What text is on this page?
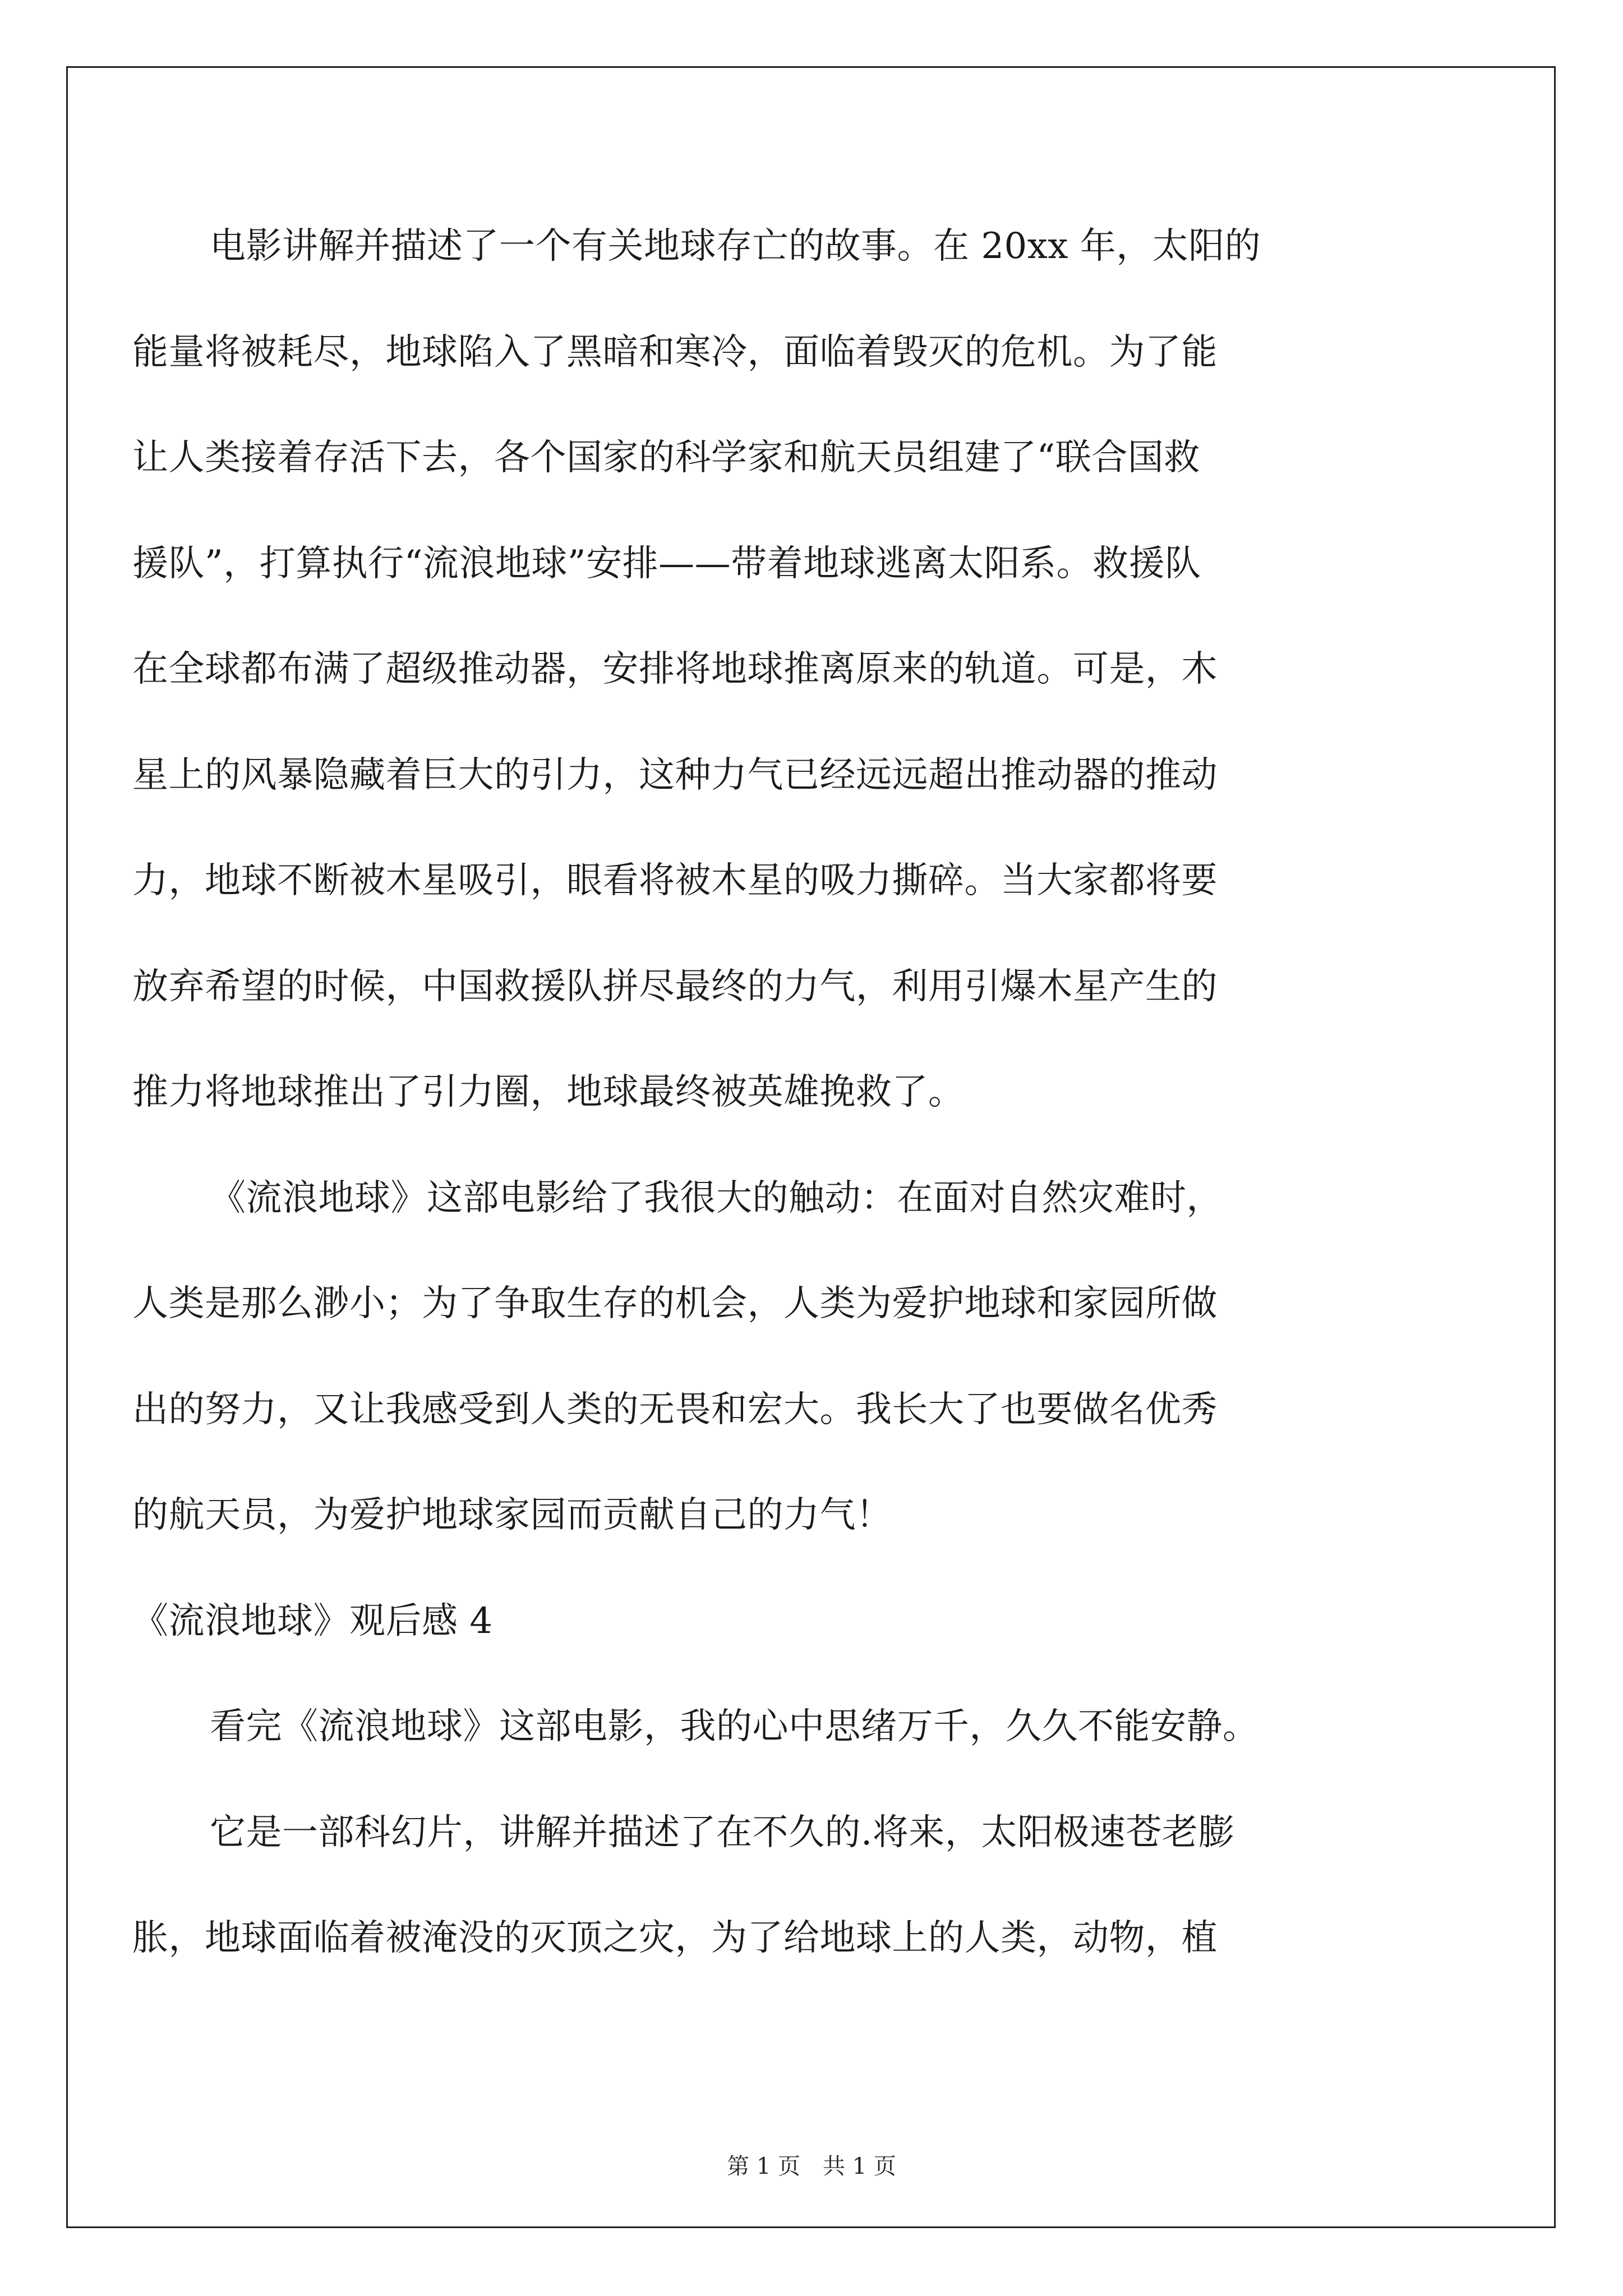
电影讲解并描述了一个有关地球存亡的故事。在 20xx 年，太阳的
能量将被耗尽，地球陷入了黑暗和寒冷，面临着毁灭的危机。为了能
让人类接着存活下去，各个国家的科学家和航天员组建了“联合国救
援队”，打算执行“流浪地球”安排——带着地球逃离太阳系。救援队
在全球都布满了超级推动器，安排将地球推离原来的轨道。可是，木
星上的风暴隐藏着巨大的引力，这种力气已经远远超出推动器的推动
力，地球不断被木星吸引，眼看将被木星的吸力撕碎。当大家都将要
放弃希望的时候，中国救援队拼尽最终的力气，利用引爆木星产生的
推力将地球推出了引力圈，地球最终被英雄挽救了。
《流浪地球》这部电影给了我很大的触动：在面对自然灾难时，
人类是那么渺小；为了争取生存的机会，人类为爱护地球和家园所做
出的努力，又让我感受到人类的无畏和宏大。我长大了也要做名优秀
的航天员，为爱护地球家园而贡献自己的力气！
《流浪地球》观后感 4
看完《流浪地球》这部电影，我的心中思绪万千，久久不能安静。
它是一部科幻片，讲解并描述了在不久的.将来，太阳极速苍老膨
胀，地球面临着被淹没的灭顶之灾，为了给地球上的人类，动物，植
第 1 页　共 1 页
